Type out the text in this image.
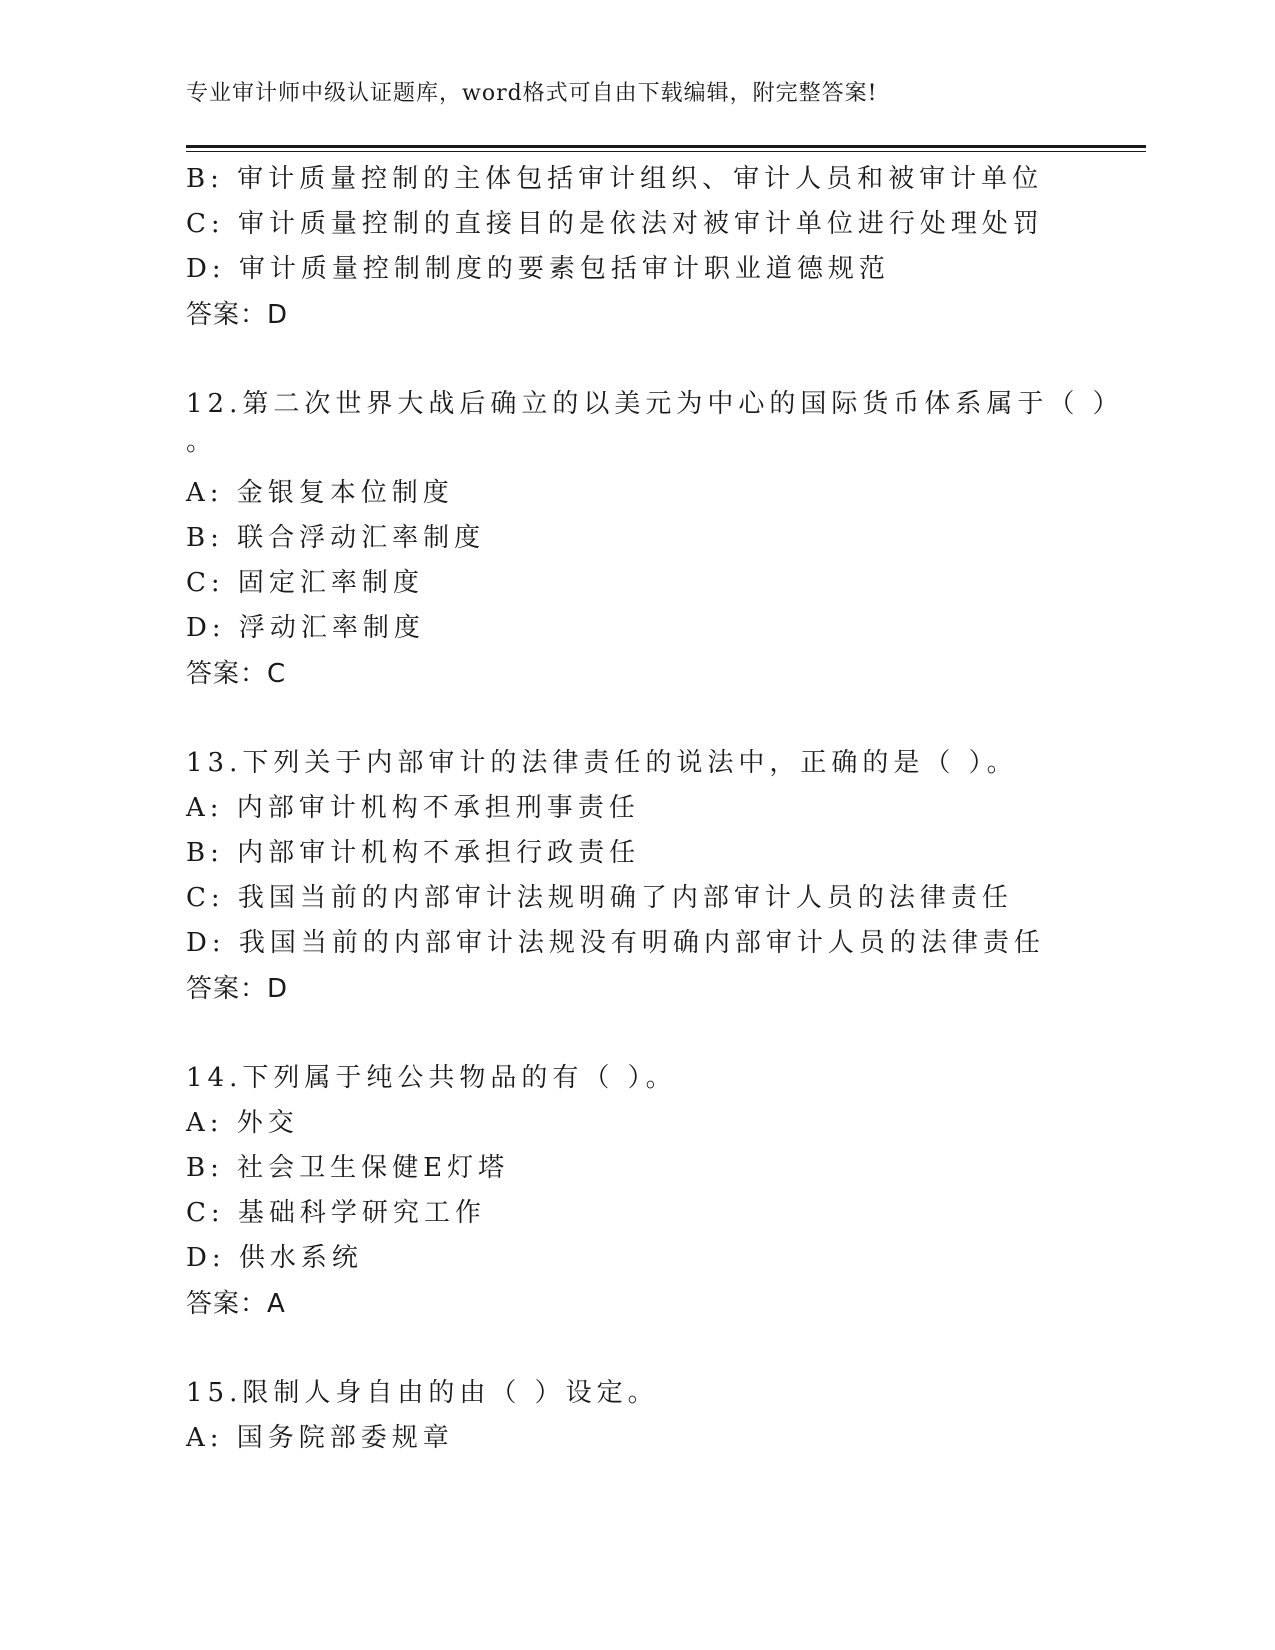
专业审计师中级认证题库，word格式可自由下载编辑，附完整答案!
B: 审计质量控制的主体包括审计组织、审计人员和被审计单位
C: 审计质量控制的直接目的是依法对被审计单位进行处理处罚
D: 审计质量控制制度的要素包括审计职业道德规范
答案：D
12.第二次世界大战后确立的以美元为中心的国际货币体系属于（ ）
。
A: 金银复本位制度
B: 联合浮动汇率制度
C: 固定汇率制度
D: 浮动汇率制度
答案：C
13.下列关于内部审计的法律责任的说法中，正确的是（ ）。
A: 内部审计机构不承担刑事责任
B: 内部审计机构不承担行政责任
C: 我国当前的内部审计法规明确了内部审计人员的法律责任
D: 我国当前的内部审计法规没有明确内部审计人员的法律责任
答案：D
14.下列属于纯公共物品的有（ ）。
A: 外交
B: 社会卫生保健E灯塔
C: 基础科学研究工作
D: 供水系统
答案：A
15.限制人身自由的由（ ）设定。
A: 国务院部委规章
